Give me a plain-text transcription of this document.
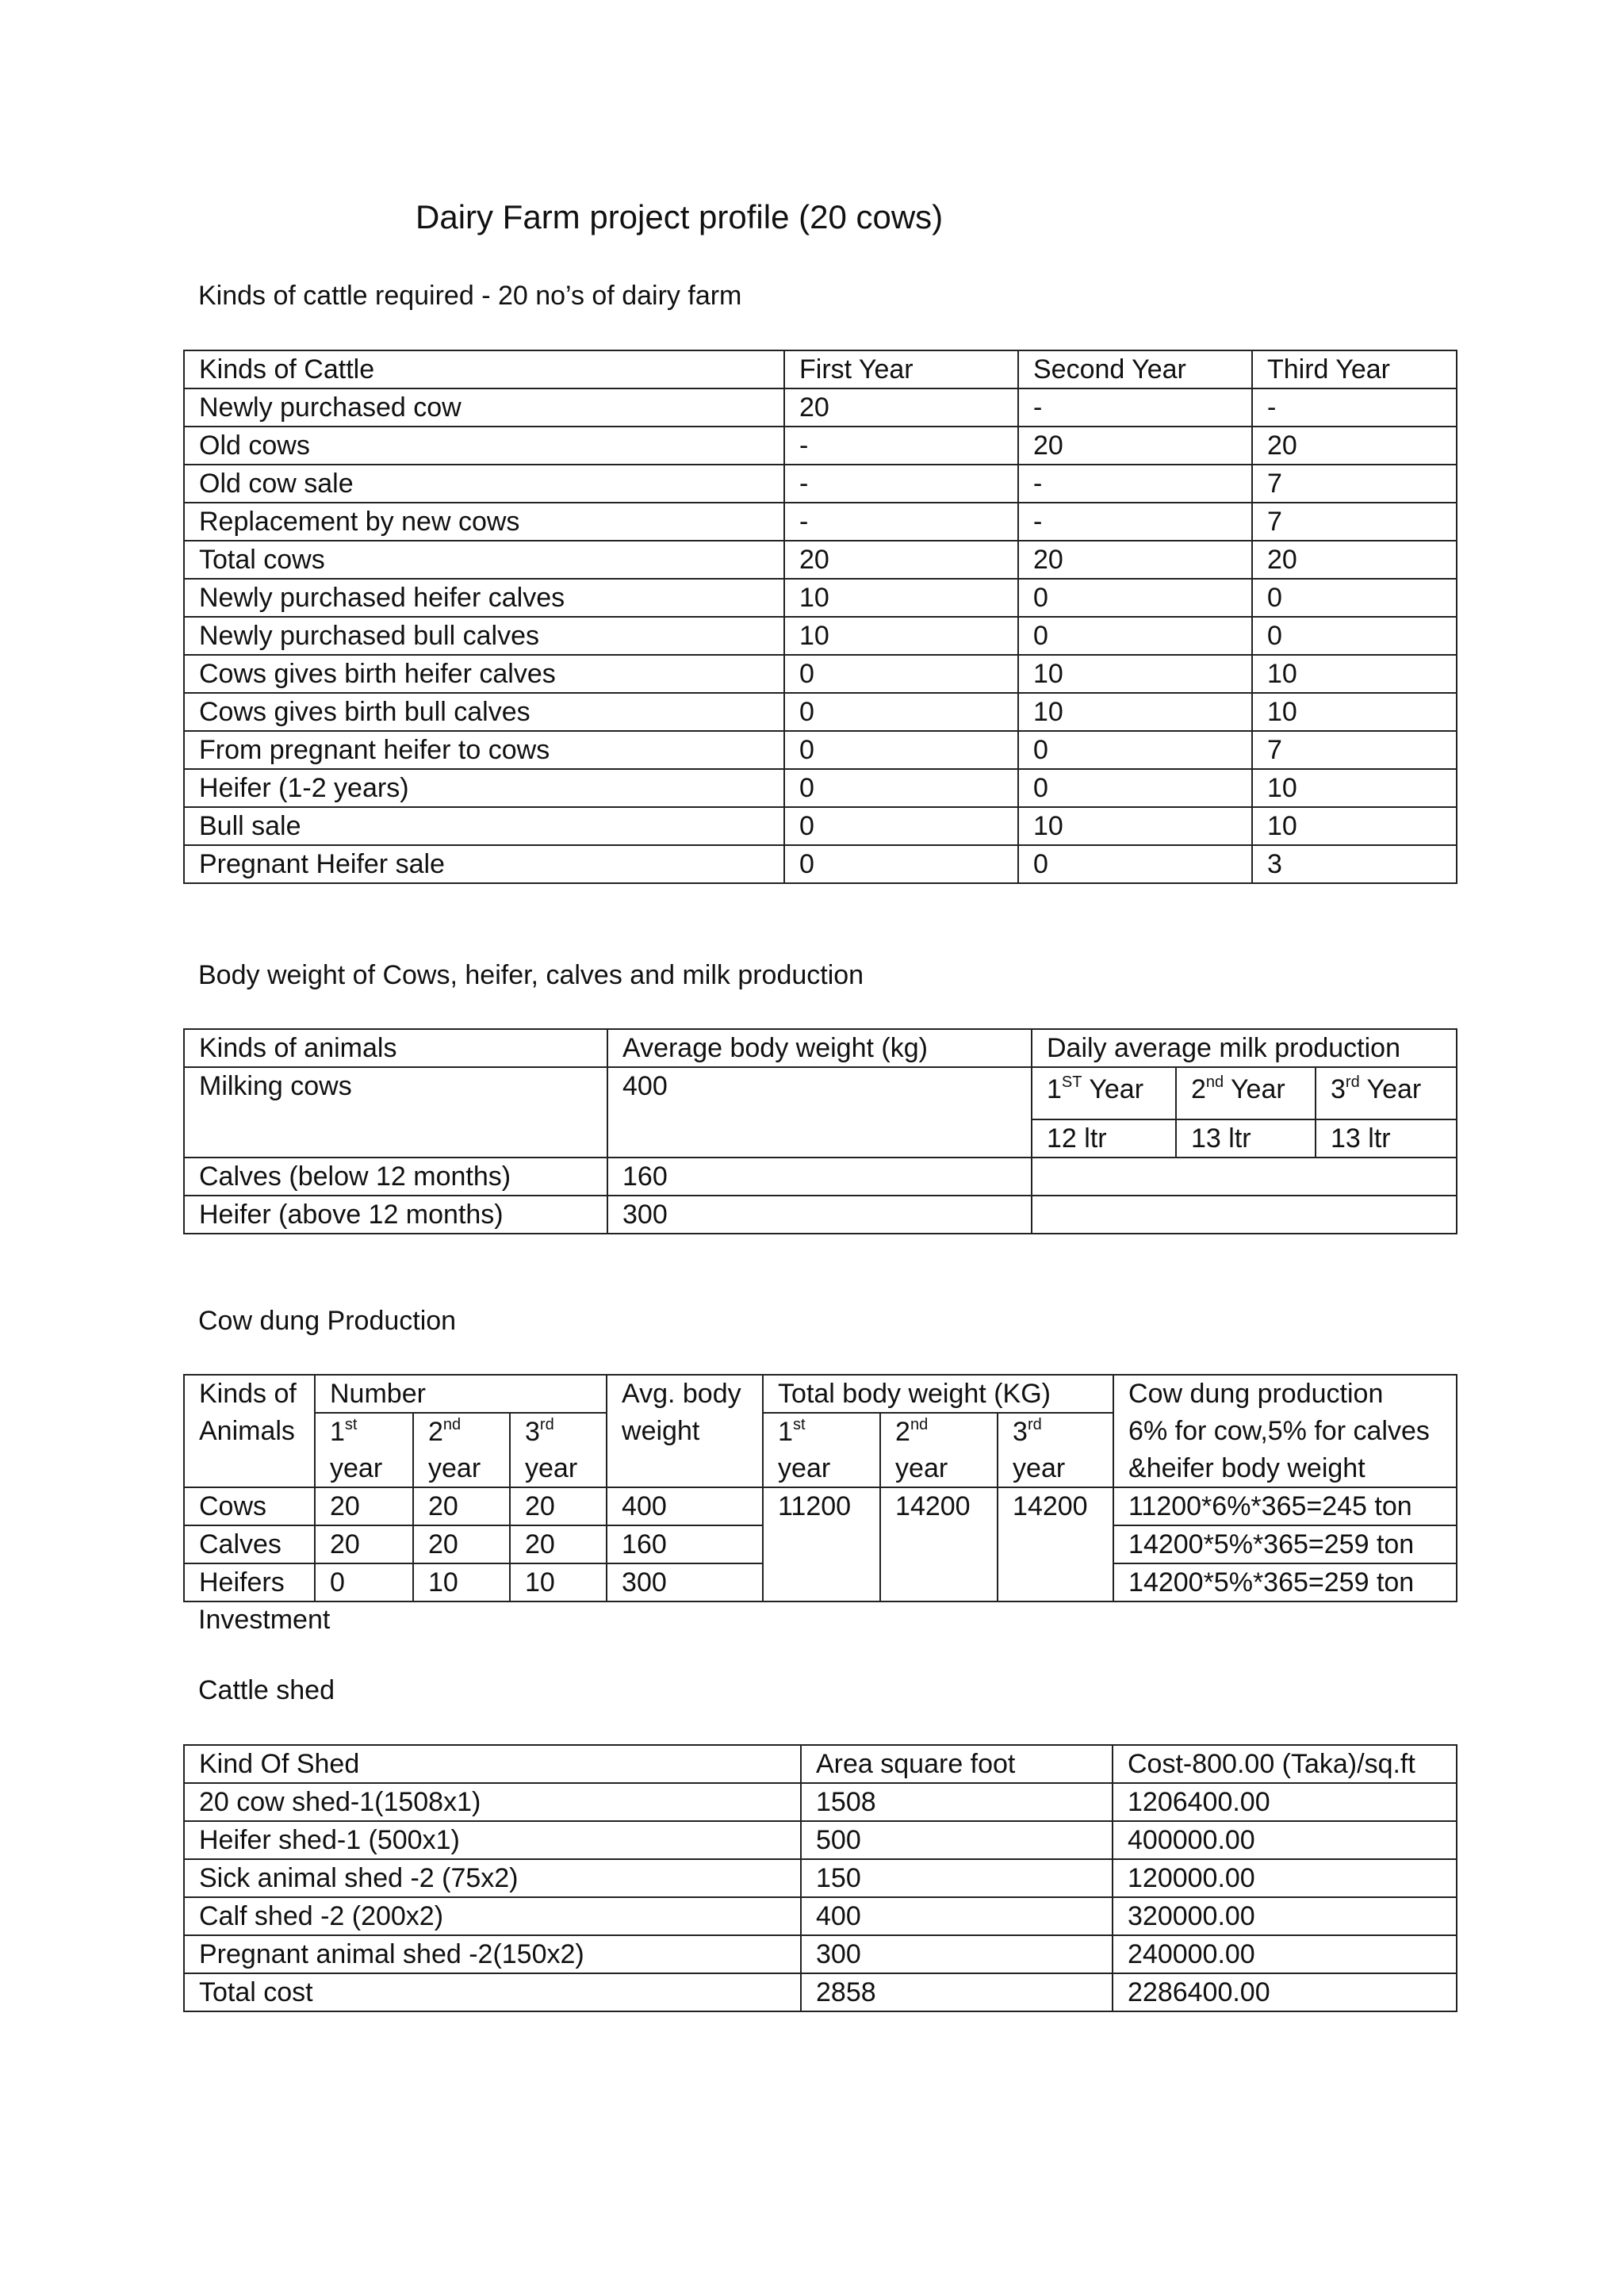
Dairy Farm project profile (20 cows)
Kinds of cattle required - 20 no’s of dairy farm
Kinds of Cattle	First Year	Second Year	Third Year
Newly purchased cow	20	-	-
Old cows	-	20	20
Old cow sale	-	-	7
Replacement by new cows	-	-	7
Total cows	20	20	20
Newly purchased heifer calves	10	0	0
Newly purchased bull calves	10	0	0
Cows gives birth heifer calves	0	10	10
Cows gives birth bull calves	0	10	10
From pregnant heifer to cows	0	0	7
Heifer (1-2 years)	0	0	10
Bull sale	0	10	10
Pregnant Heifer sale	0	0	3
Body weight of Cows, heifer, calves and milk production
Kinds of animals	Average body weight (kg)	Daily average milk production		
Milking cows	400	1ST Year	2nd Year	3rd Year
		12 ltr	13 ltr	13 ltr
Calves (below 12 months)	160			
Heifer (above 12 months)	300			
Cow dung Production
Kinds of	Number			Avg. body	Total body weight (KG)			Cow dung production
Animals	1st	2nd	3rd	weight	1st	2nd	3rd	6% for cow,5% for calves
	year	year	year		year	year	year	&heifer body weight
Cows	20	20	20	400	11200	14200	14200	11200*6%*365=245 ton
Calves	20	20	20	160				14200*5%*365=259 ton
Heifers	0	10	10	300				14200*5%*365=259 ton
Investment
Cattle shed
Kind Of Shed	Area square foot	Cost-800.00 (Taka)/sq.ft
20 cow shed-1(1508x1)	1508	1206400.00
Heifer shed-1 (500x1)	500	400000.00
Sick animal shed -2 (75x2)	150	120000.00
Calf shed -2 (200x2)	400	320000.00
Pregnant animal shed -2(150x2)	300	240000.00
Total cost	2858	2286400.00
